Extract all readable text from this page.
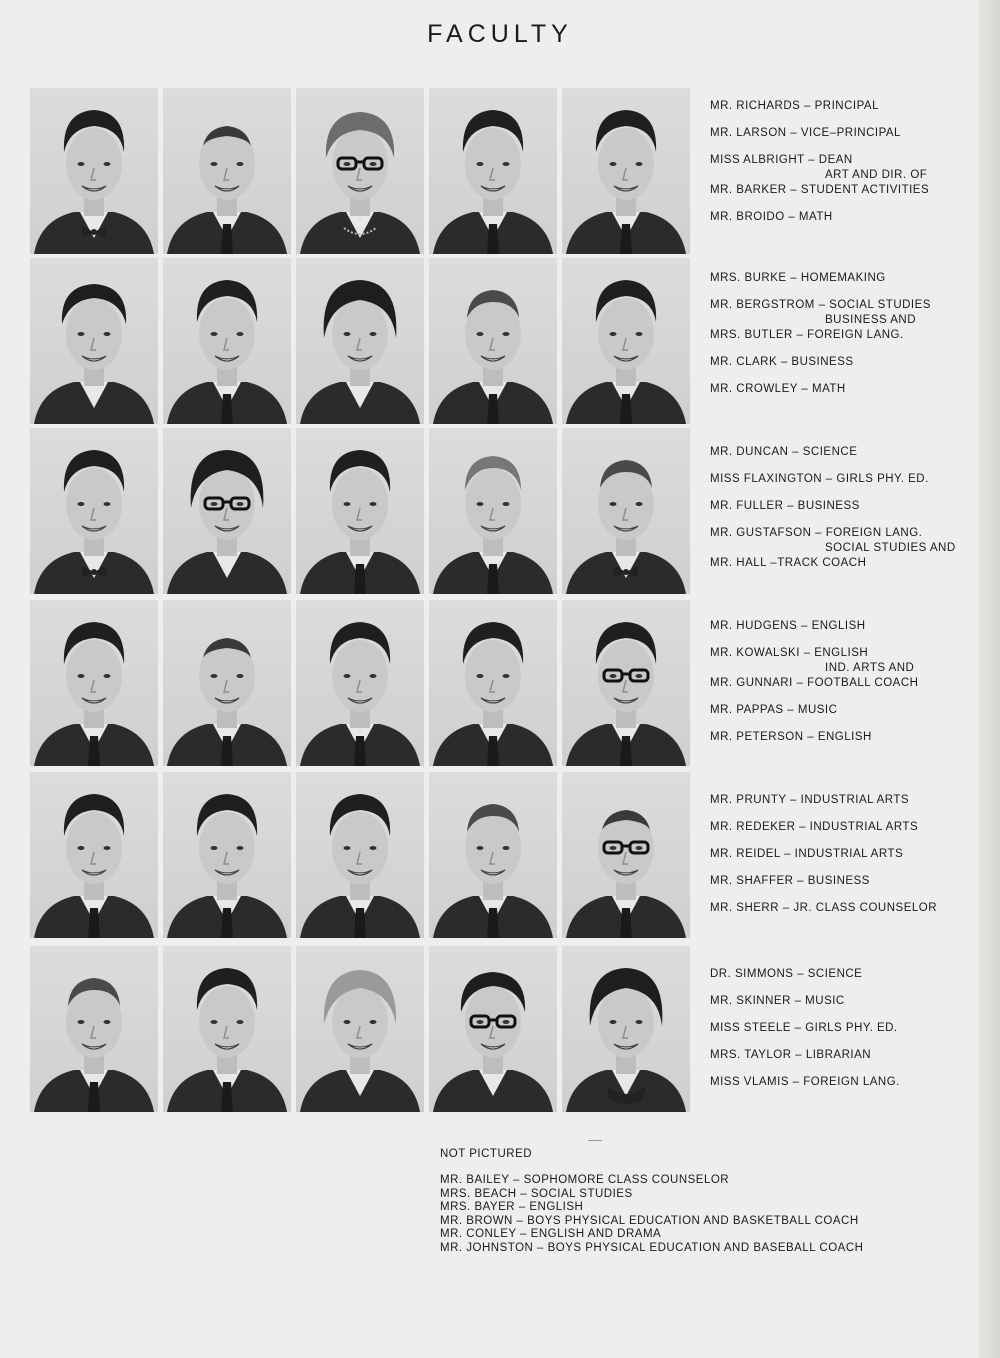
FACULTY
MR. RICHARDS – PRINCIPAL
MR. LARSON – VICE–PRINCIPAL
MISS ALBRIGHT – DEAN
ART AND DIR. OF
MR. BARKER – STUDENT ACTIVITIES
MR. BROIDO – MATH
MRS. BURKE – HOMEMAKING
MR. BERGSTROM – SOCIAL STUDIES
BUSINESS AND
MRS. BUTLER – FOREIGN LANG.
MR. CLARK – BUSINESS
MR. CROWLEY – MATH
MR. DUNCAN – SCIENCE
MISS FLAXINGTON – GIRLS PHY. ED.
MR. FULLER – BUSINESS
MR. GUSTAFSON – FOREIGN LANG.
SOCIAL STUDIES AND
MR. HALL –TRACK COACH
MR. HUDGENS – ENGLISH
MR. KOWALSKI – ENGLISH
IND. ARTS AND
MR. GUNNARI – FOOTBALL COACH
MR. PAPPAS – MUSIC
MR. PETERSON – ENGLISH
MR. PRUNTY – INDUSTRIAL ARTS
MR. REDEKER – INDUSTRIAL ARTS
MR. REIDEL – INDUSTRIAL ARTS
MR. SHAFFER – BUSINESS
MR. SHERR – JR. CLASS COUNSELOR
DR. SIMMONS – SCIENCE
MR. SKINNER – MUSIC
MISS STEELE – GIRLS PHY. ED.
MRS. TAYLOR – LIBRARIAN
MISS VLAMIS – FOREIGN LANG.
NOT PICTURED
MR. BAILEY – SOPHOMORE CLASS COUNSELOR
MRS. BEACH – SOCIAL STUDIES
MRS. BAYER – ENGLISH
MR. BROWN – BOYS PHYSICAL EDUCATION AND BASKETBALL COACH
MR. CONLEY – ENGLISH AND DRAMA
MR. JOHNSTON – BOYS PHYSICAL EDUCATION AND BASEBALL COACH
